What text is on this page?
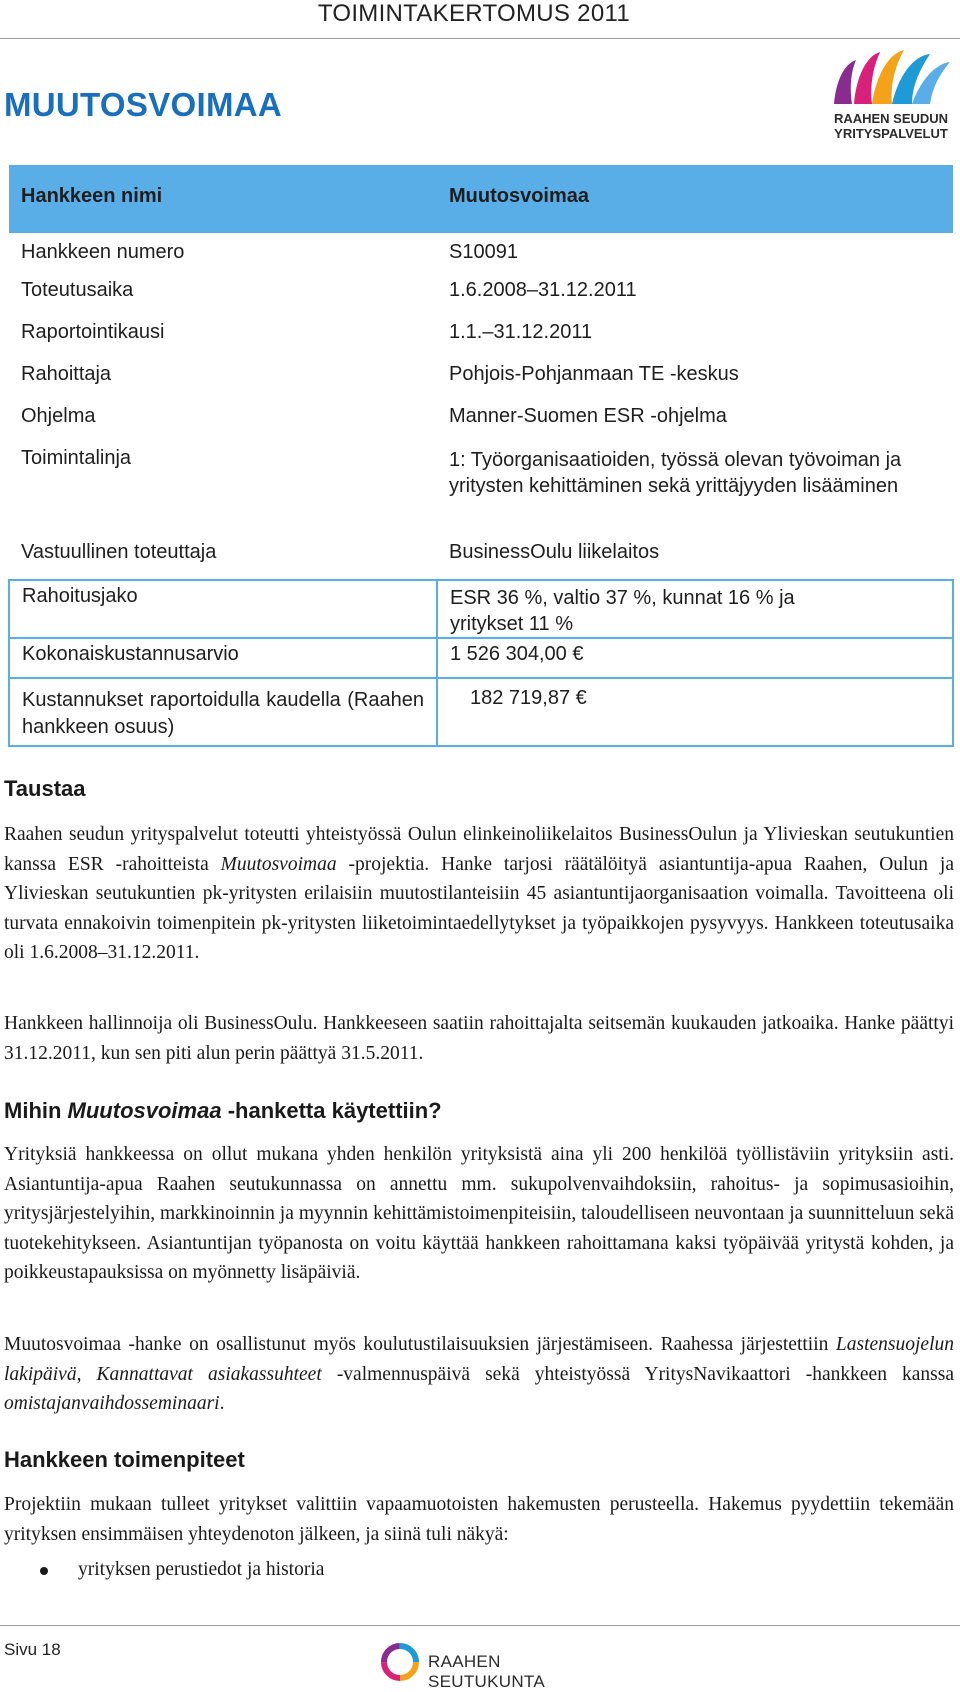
TOIMINTAKERTOMUS 2011
MUUTOSVOIMAA	RAAHEN SEUDUN
YRITYSPALVELUT
Hankkeen nimi	Muutosvoimaa
Hankkeen numero	S10091
Toteutusaika	1.6.2008–31.12.2011
Raportointikausi	1.1.–31.12.2011
Rahoittaja	Pohjois-Pohjanmaan TE -keskus
Ohjelma	Manner-Suomen ESR -ohjelma
Toimintalinja	1: Työorganisaatioiden, työssä olevan työvoiman ja yritysten kehittäminen sekä yrittäjyyden lisääminen
Vastuullinen toteuttaja	BusinessOulu liikelaitos
Rahoitusjako	ESR 36 %, valtio 37 %, kunnat 16 % ja yritykset 11 %
Kokonaiskustannusarvio	1 526 304,00 €
Kustannukset raportoidulla kaudella (Raahen hankkeen osuus)	182 719,87 €
Taustaa

Raahen seudun yrityspalvelut toteutti yhteistyössä Oulun elinkeinoliikelaitos BusinessOulun ja Ylivieskan seutukuntien kanssa ESR -rahoitteista Muutosvoimaa -projektia. Hanke tarjosi räätälöityä asiantuntija-apua Raahen, Oulun ja Ylivieskan seutukuntien pk-yritysten erilaisiin muutostilanteisiin 45 asiantuntijaorganisaation voimalla. Tavoitteena oli turvata ennakoivin toimenpitein pk-yritysten liiketoimintaedellytykset ja työpaikkojen pysyvyys. Hankkeen toteutusaika oli 1.6.2008–31.12.2011.

Hankkeen hallinnoija oli BusinessOulu. Hankkeeseen saatiin rahoittajalta seitsemän kuukauden jatkoaika. Hanke päättyi 31.12.2011, kun sen piti alun perin päättyä 31.5.2011.

Mihin Muutosvoimaa -hanketta käytettiin?

Yrityksiä hankkeessa on ollut mukana yhden henkilön yrityksistä aina yli 200 henkilöä työllistäviin yrityksiin asti. Asiantuntija-apua Raahen seutukunnassa on annettu mm. sukupolvenvaihdoksiin, rahoitus- ja sopimusasioihin, yritysjärjestelyihin, markkinoinnin ja myynnin kehittämistoimenpiteisiin, taloudelliseen neuvontaan ja suunnitteluun sekä tuotekehitykseen. Asiantuntijan työpanosta on voitu käyttää hankkeen rahoittamana kaksi työpäivää yritystä kohden, ja poikkeustapauksissa on myönnetty lisäpäiviä.

Muutosvoimaa -hanke on osallistunut myös koulutustilaisuuksien järjestämiseen. Raahessa järjestettiin Lastensuojelun lakipäivä, Kannattavat asiakassuhteet -valmennuspäivä sekä yhteistyössä YritysNavikaattori -hankkeen kanssa omistajanvaihdosseminaari.

Hankkeen toimenpiteet

Projektiin mukaan tulleet yritykset valittiin vapaamuotoisten hakemusten perusteella. Hakemus pyydettiin tekemään yrityksen ensimmäisen yhteydenoton jälkeen, ja siinä tuli näkyä:

yrityksen perustiedot ja historia
Sivu 18
RAAHEN SEUTUKUNTA
